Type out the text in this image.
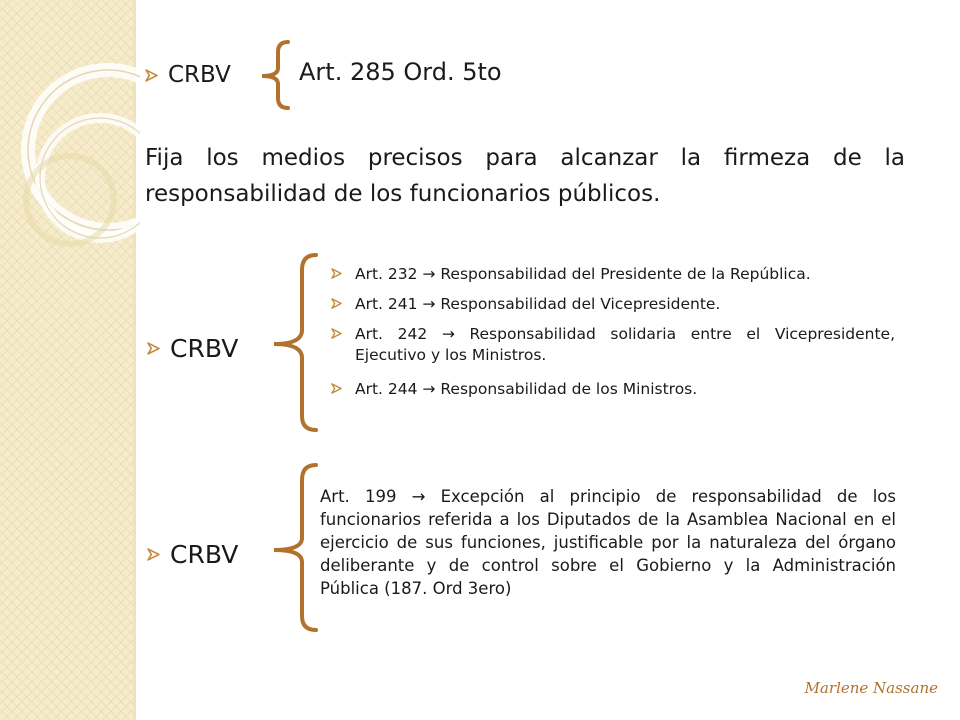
CRBV	Art. 285 Ord. 5to
Fija los medios precisos para alcanzar la firmeza de la responsabilidad de los funcionarios públicos.
CRBV
Art. 232 → Responsabilidad del Presidente de la República.
Art. 241 → Responsabilidad del Vicepresidente.
Art. 242 → Responsabilidad solidaria entre el Vicepresidente, Ejecutivo y los Ministros.
Art. 244 → Responsabilidad de los Ministros.
CRBV
Art. 199 → Excepción al principio de responsabilidad de los funcionarios referida a los Diputados de la Asamblea Nacional en el ejercicio de sus funciones, justificable por la naturaleza del órgano deliberante y de control sobre el Gobierno y la Administración Pública (187. Ord 3ero)
Marlene Nassane
